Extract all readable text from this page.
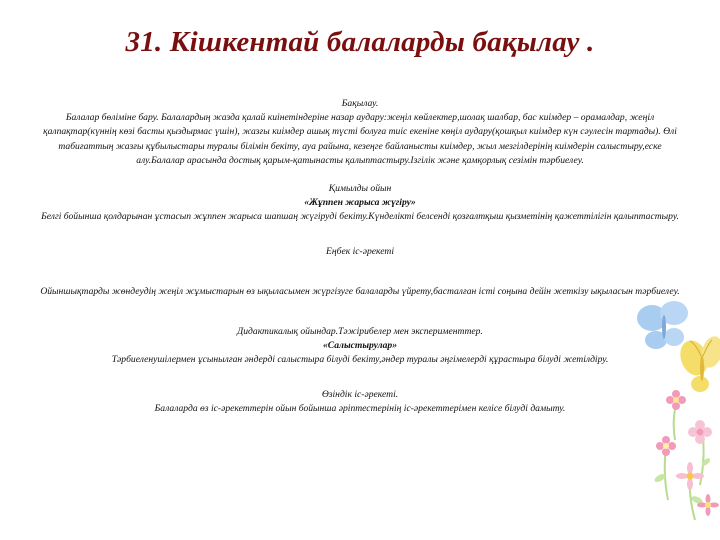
31. Кішкентай балаларды бақылау .

Бақылау.

Балалар бөліміне бару. Балалардың жазда қалай киінетіндеріне назар аудару:жеңіл көйлектер,шолақ шалбар, бас киімдер – орамалдар, жеңіл қалпақтар(күннің көзі басты қыздырмас үшін), жазғы киімдер ашық түсті болуға тиіс екеніне көңіл аудару(қошқыл киімдер күн сәулесін тартады). Өлі табиғаттың жазғы құбылыстары туралы білімін бекіту, ауа райына, кезеңге байланысты киімдер, жыл мезгілдерінің киімдерін салыстыру,еске алу.Балалар арасында достық қарым-қатынасты қалыптастыру.Ізгілік және қамқорлық сезімін тәрбиелеу.

Қимылды ойын

«Жұппен жарыса жүгіру»

Белгі бойынша қолдарынан ұстасып жұппен жарыса шапшаң жүгіруді бекіту.Күнделікті белсенді қозғалтқыш қызметінің қажеттілігін қалыптастыру.

Еңбек іс-әрекеті

Ойыншықтарды жөндеудің жеңіл жұмыстарын өз ықыласымен жүргізуге балаларды үйрету,басталған істі соңына дейін жеткізу ықыласын тәрбиелеу.

Дидактикалық ойындар.Тәжірибелер мен эксперименттер.

«Салыстырулар»

Тәрбиеленушілермен ұсынылған әндерді салыстыра білуді бекіту,әндер туралы әңгімелерді құрастыра білуді жетілдіру.

Өзіндік іс-әрекеті.

Балаларда өз іс-әрекеттерін ойын бойынша әріптестерінің іс-әрекеттерімен келісе білуді дамыту.
